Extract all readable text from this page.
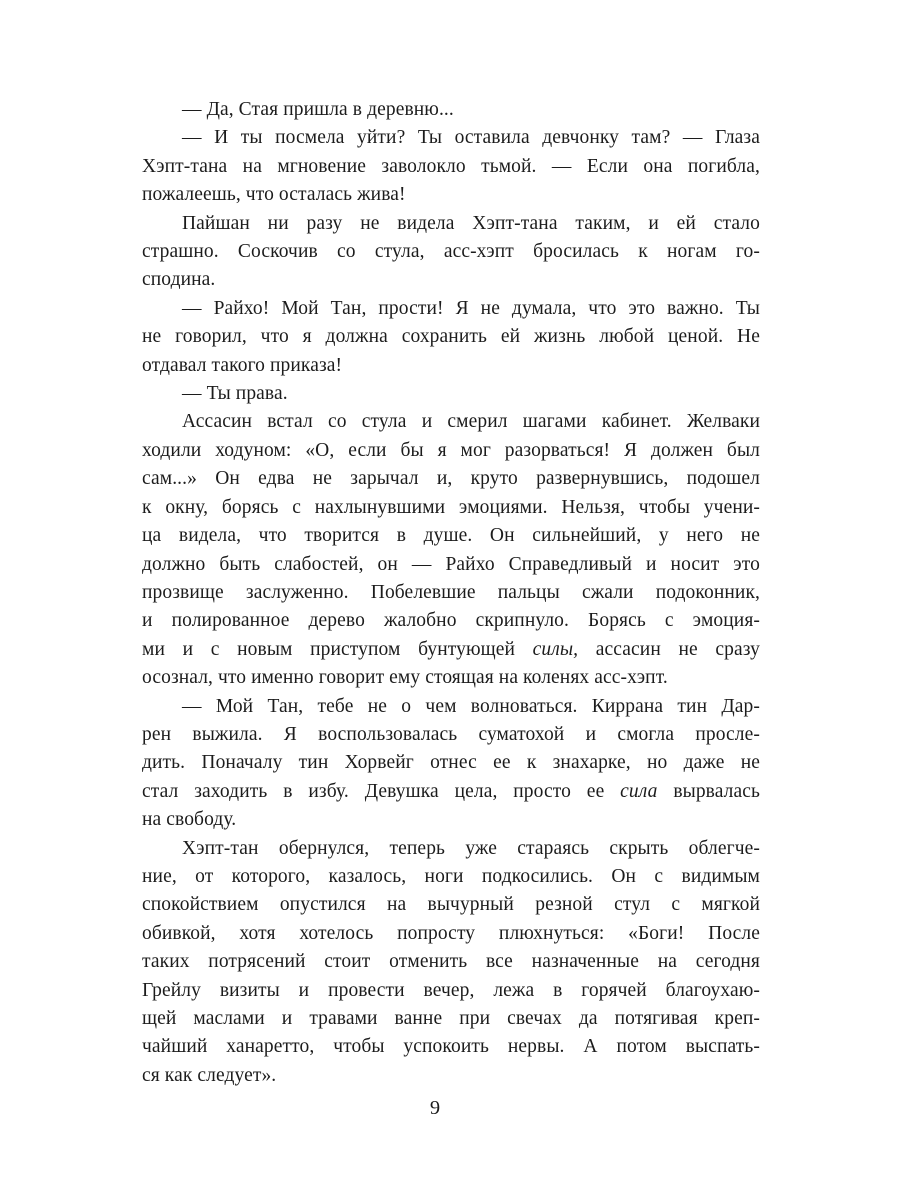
— Да, Стая пришла в деревню...
— И ты посмела уйти? Ты оставила девчонку там? — Глаза
Хэпт-тана на мгновение заволокло тьмой. — Если она погибла,
пожалеешь, что осталась жива!
Пайшан ни разу не видела Хэпт-тана таким, и ей стало
страшно. Соскочив со стула, асс-хэпт бросилась к ногам го-
сподина.
— Райхо! Мой Тан, прости! Я не думала, что это важно. Ты
не говорил, что я должна сохранить ей жизнь любой ценой. Не
отдавал такого приказа!
— Ты права.
Ассасин встал со стула и смерил шагами кабинет. Желваки
ходили ходуном: «О, если бы я мог разорваться! Я должен был
сам...» Он едва не зарычал и, круто развернувшись, подошел
к окну, борясь с нахлынувшими эмоциями. Нельзя, чтобы учени-
ца видела, что творится в душе. Он сильнейший, у него не
должно быть слабостей, он — Райхо Справедливый и носит это
прозвище заслуженно. Побелевшие пальцы сжали подоконник,
и полированное дерево жалобно скрипнуло. Борясь с эмоция-
ми и с новым приступом бунтующей силы, ассасин не сразу
осознал, что именно говорит ему стоящая на коленях асс-хэпт.
— Мой Тан, тебе не о чем волноваться. Киррана тин Дар-
рен выжила. Я воспользовалась суматохой и смогла просле-
дить. Поначалу тин Хорвейг отнес ее к знахарке, но даже не
стал заходить в избу. Девушка цела, просто ее сила вырвалась
на свободу.
Хэпт-тан обернулся, теперь уже стараясь скрыть облегче-
ние, от которого, казалось, ноги подкосились. Он с видимым
спокойствием опустился на вычурный резной стул с мягкой
обивкой, хотя хотелось попросту плюхнуться: «Боги! После
таких потрясений стоит отменить все назначенные на сегодня
Грейлу визиты и провести вечер, лежа в горячей благоухаю-
щей маслами и травами ванне при свечах да потягивая креп-
чайший ханаретто, чтобы успокоить нервы. А потом выспать-
ся как следует».
9
